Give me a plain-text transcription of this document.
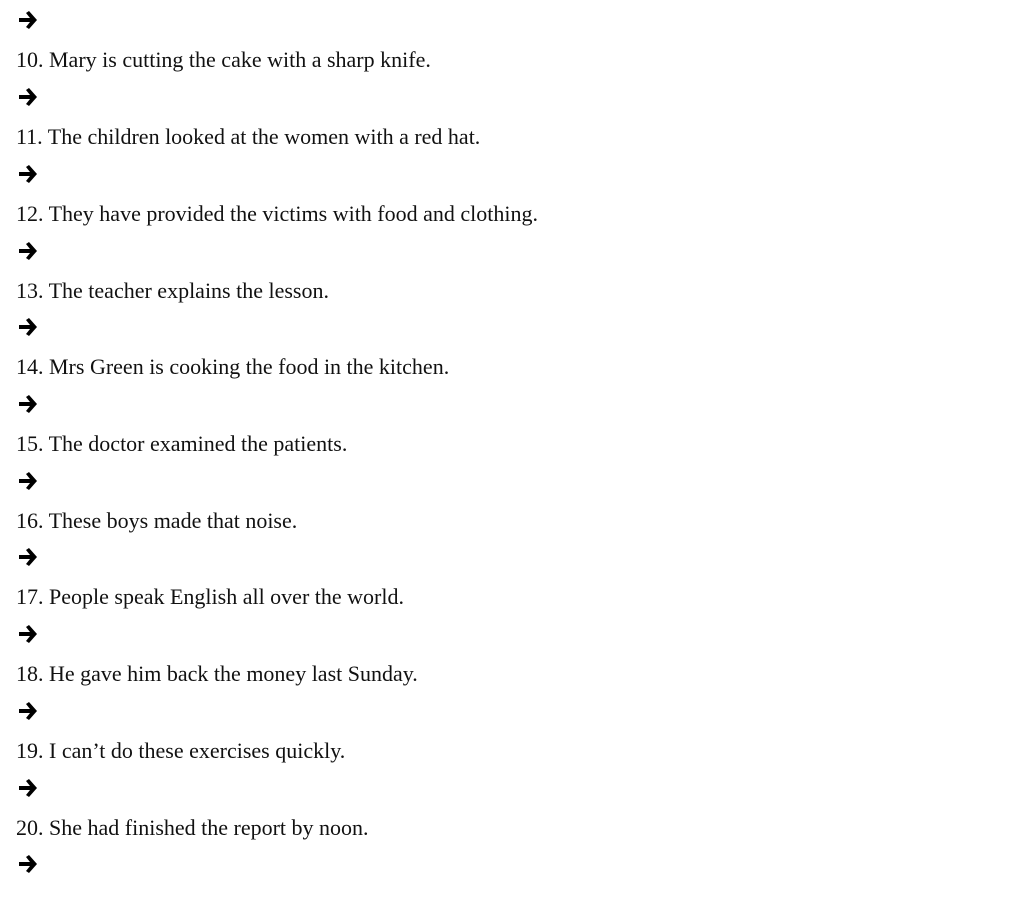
10. Mary is cutting the cake with a sharp knife.
11. The children looked at the women with a red hat.
12. They have provided the victims with food and clothing.
13. The teacher explains the lesson.
14. Mrs Green is cooking the food in the kitchen.
15. The doctor examined the patients.
16. These boys made that noise.
17. People speak English all over the world.
18. He gave him back the money last Sunday.
19. I can’t do these exercises quickly.
20. She had finished the report by noon.
